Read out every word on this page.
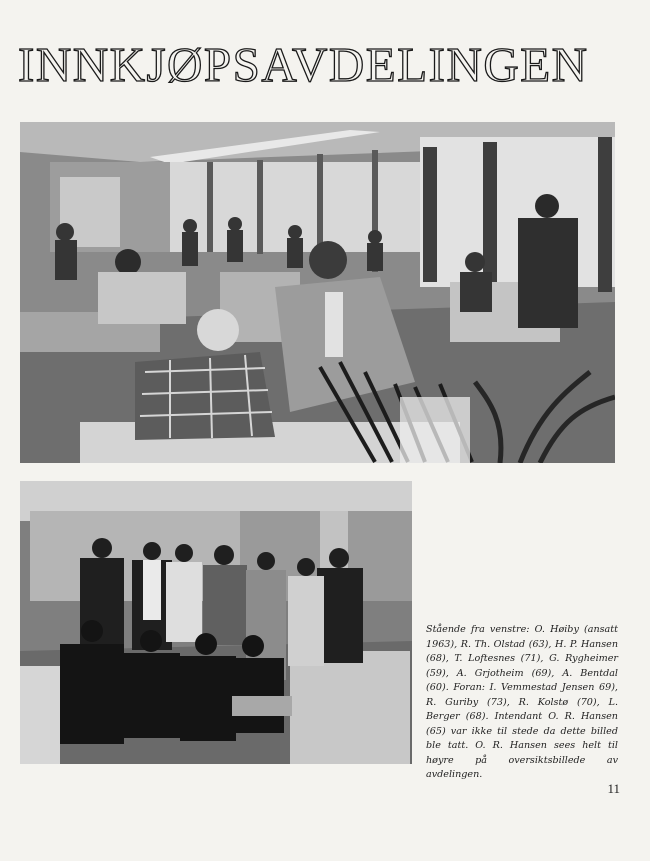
INNKJØPSAVDELINGEN
Stående fra venstre: O. Høiby (ansatt 1963), R. Th. Olstad (63), H. P. Hansen (68), T. Loftesnes (71), G. Rygheimer (59), A. Grjotheim (69), A. Bentdal (60). Foran: I. Vemmestad Jensen 69), R. Guriby (73), R. Kolstø (70), L. Berger (68). Intendant O. R. Hansen (65) var ikke til stede da dette billed ble tatt. O. R. Hansen sees helt til høyre på oversiktsbillede av avdelingen.
11
